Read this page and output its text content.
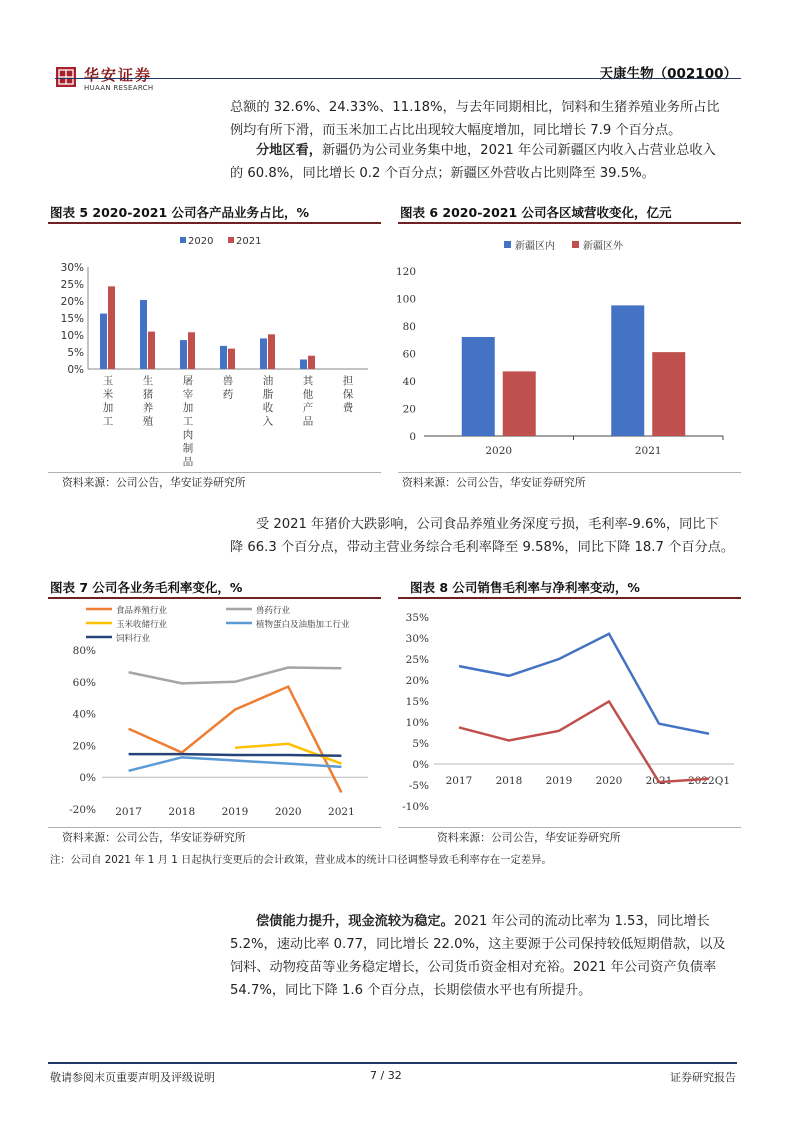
华安证券
HUAAN RESEARCH
天康生物（002100）
总额的 32.6%、24.33%、11.18%，与去年同期相比，饲料和生猪养殖业务所占比
例均有所下滑，而玉米加工占比出现较大幅度增加，同比增长 7.9 个百分点。
分地区看，新疆仍为公司业务集中地，2021 年公司新疆区内收入占营业总收入
的 60.8%，同比增长 0.2 个百分点；新疆区外营收占比则降至 39.5%。
图表 5 2020-2021 公司各产品业务占比，%	图表 6 2020-2021 公司各区域营收变化，亿元
2020 2021
0%
5%
10%
15%
20%
25%
30%
玉
米
加
工
生
猪
养
殖
屠
宰
加
工
肉
制
品
兽
药
油
脂
收
入
其
他
产
品
担
保
费
新疆区内	新疆区外
0
20
40
60
80
100
120
2020	2021
资料来源：公司公告，华安证券研究所	资料来源：公司公告，华安证券研究所
受 2021 年猪价大跌影响，公司食品养殖业务深度亏损，毛利率-9.6%，同比下
降 66.3 个百分点，带动主营业务综合毛利率降至 9.58%，同比下降 18.7 个百分点。
图表 7 公司各业务毛利率变化，%	图表 8 公司销售毛利率与净利率变动，%
食品养殖行业	兽药行业
玉米收储行业	植物蛋白及油脂加工行业
饲料行业
-20%
0%
20%
40%
60%
80%
2017	2018	2019	2020	2021	-10%
-5%
0%
5%
10%
15%
20%
25%
30%
35%
2017 2018 2019 2020 2021 2022Q1
资料来源：公司公告，华安证券研究所	资料来源：公司公告，华安证券研究所
注：公司自 2021 年 1 月 1 日起执行变更后的会计政策，营业成本的统计口径调整导致毛利率存在一定差异。
偿债能力提升，现金流较为稳定。2021 年公司的流动比率为 1.53，同比增长
5.2%，速动比率 0.77，同比增长 22.0%，这主要源于公司保持较低短期借款，以及
饲料、动物疫苗等业务稳定增长，公司货币资金相对充裕。2021 年公司资产负债率
54.7%，同比下降 1.6 个百分点，长期偿债水平也有所提升。
敬请参阅末页重要声明及评级说明	7 / 32	证券研究报告
